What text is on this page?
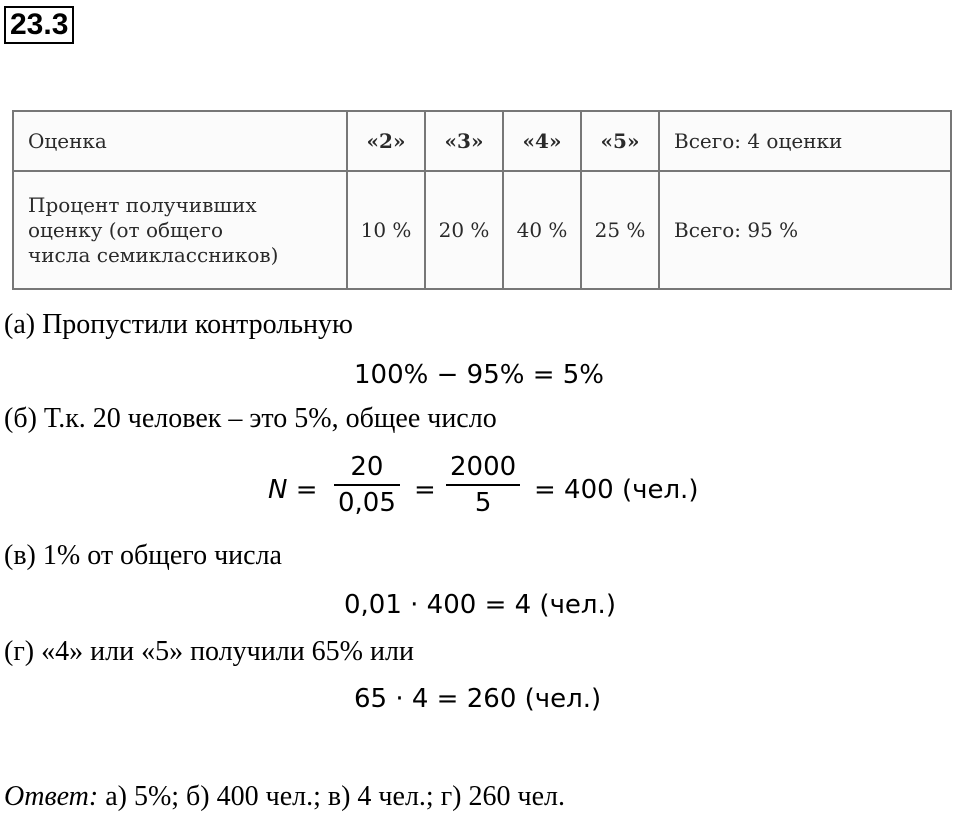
23.3
Оценка	«2»	«3»	«4»	«5»	Всего: 4 оценки
Процент получивших
оценку (от общего
числа семиклассников)	10 %	20 %	40 %	25 %	Всего: 95 %
(а) Пропустили контрольную
100% − 95% = 5%
(б) Т.к. 20 человек – это 5%, общее число
$N = \frac{20}{0,05} = \frac{2000}{5} = 400$ (чел.)
(в) 1% от общего числа
0,01 · 400 = 4 (чел.)
(г) «4» или «5» получили 65% или
65 · 4 = 260 (чел.)
Ответ: а) 5%; б) 400 чел.; в) 4 чел.; г) 260 чел.
